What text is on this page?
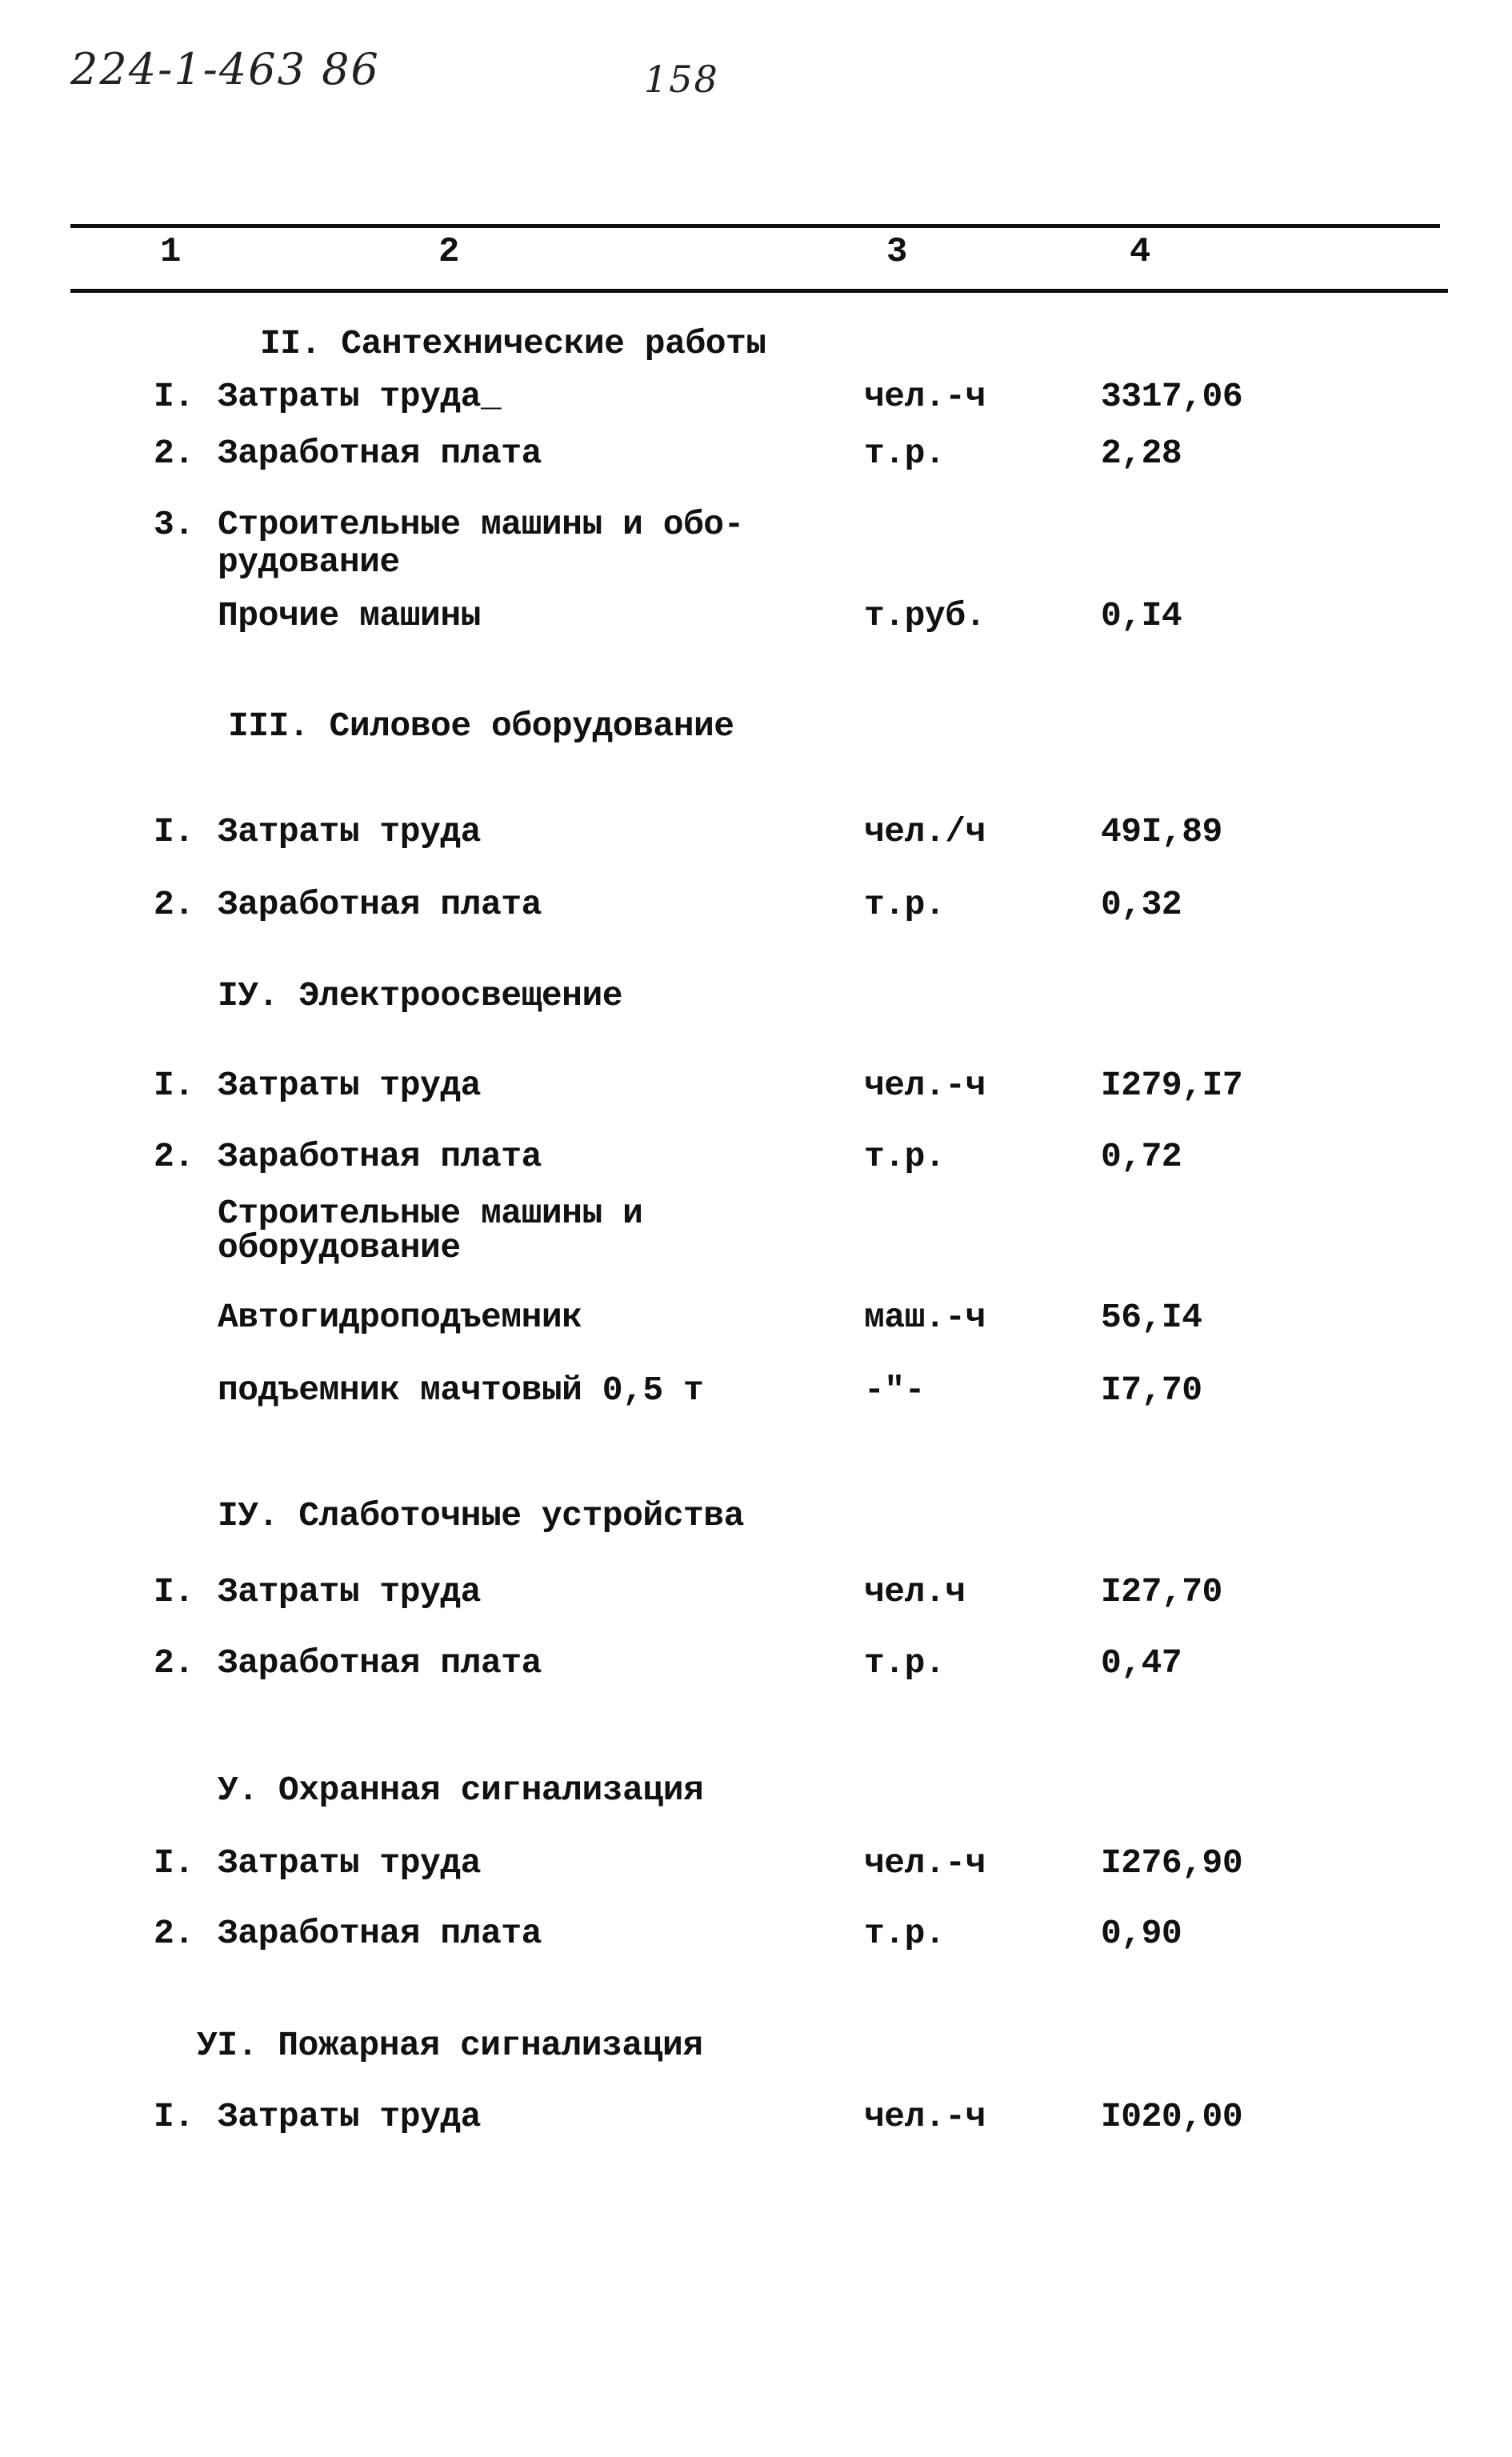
224-1-463 86	158
1	2	3	4
II. Сантехнические работы
I. Затраты труда_	чел.-ч	3317,06
2. Заработная плата	т.р.	2,28
3. Строительные машины и обо-
рудование
Прочие машины	т.руб.	0,I4
III. Силовое оборудование
I. Затраты труда	чел./ч	49I,89
2. Заработная плата	т.р.	0,32
IУ. Электроосвещение
I. Затраты труда	чел.-ч	I279,I7
2. Заработная плата	т.р.	0,72
Строительные машины и
оборудование
Автогидроподъемник	маш.-ч	56,I4
подъемник мачтовый 0,5 т	-"-	I7,70
IУ. Слаботочные устройства
I. Затраты труда	чел.ч	I27,70
2. Заработная плата	т.р.	0,47
У. Охранная сигнализация
I. Затраты труда	чел.-ч	I276,90
2. Заработная плата	т.р.	0,90
УI. Пожарная сигнализация
I. Затраты труда	чел.-ч	I020,00
